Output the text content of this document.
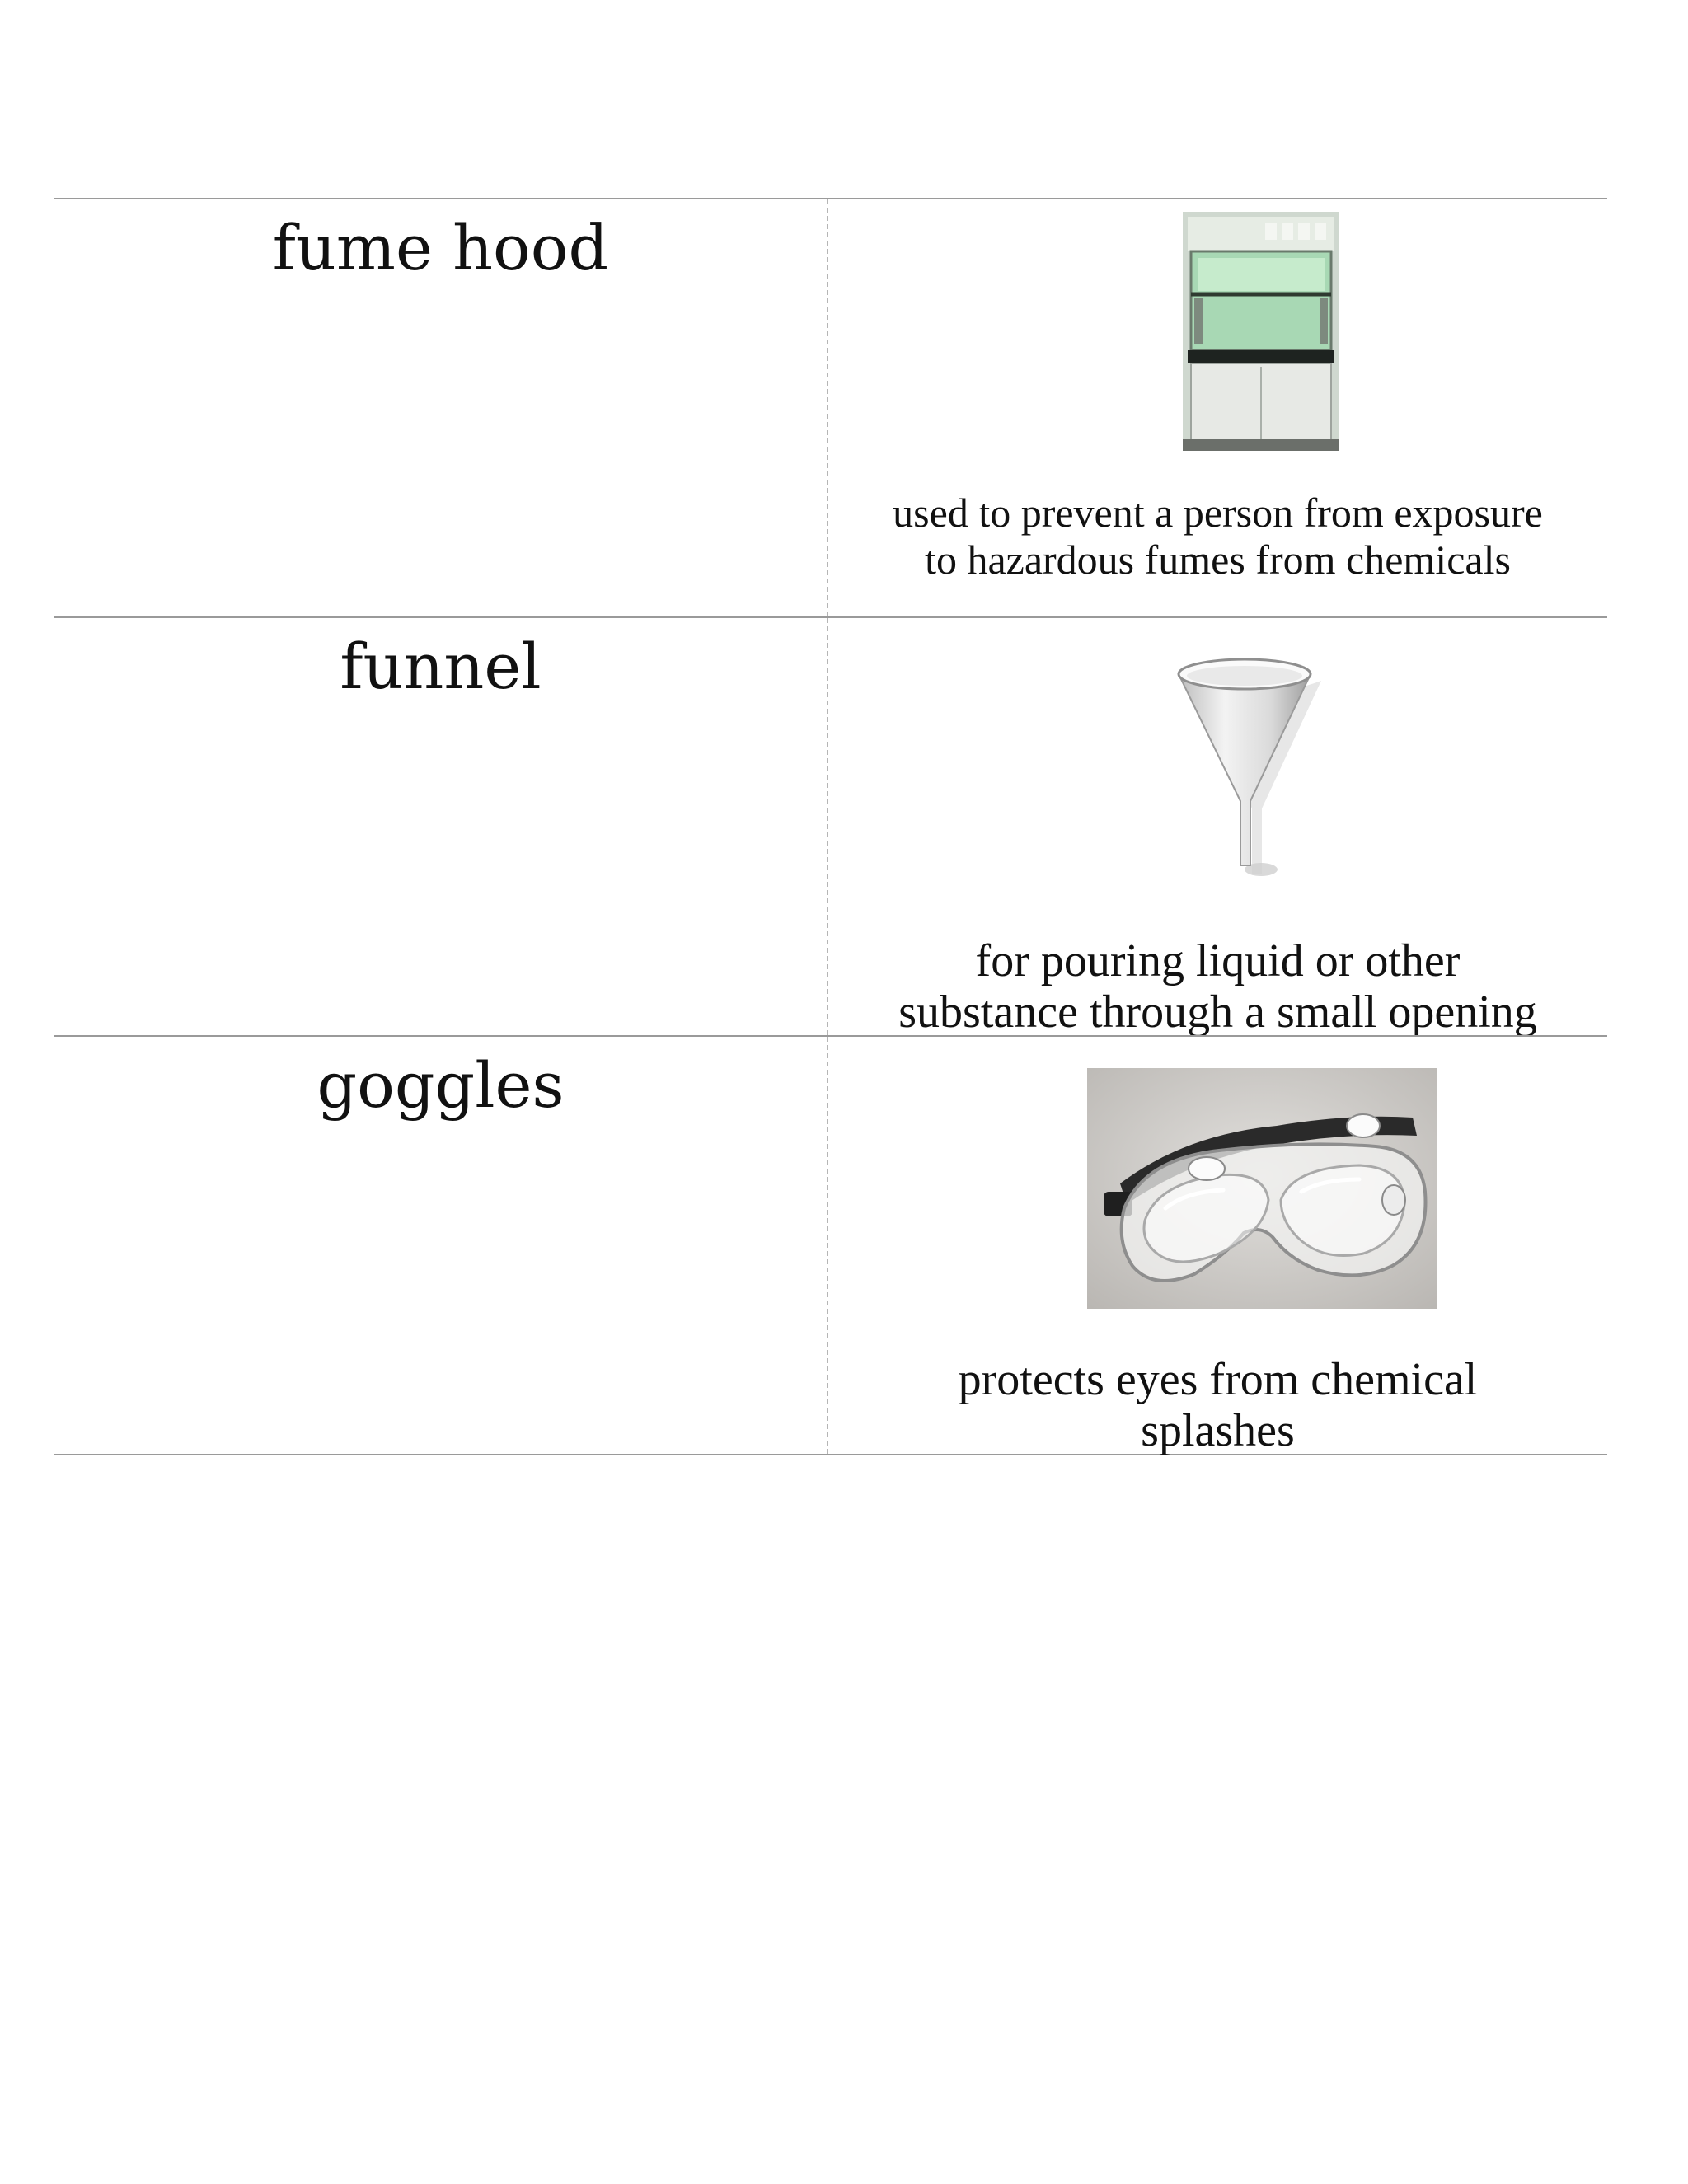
fume hood
used to prevent a person from exposure
to hazardous fumes from chemicals
funnel
for pouring liquid or other
substance through a small opening
goggles
protects eyes from chemical
splashes
